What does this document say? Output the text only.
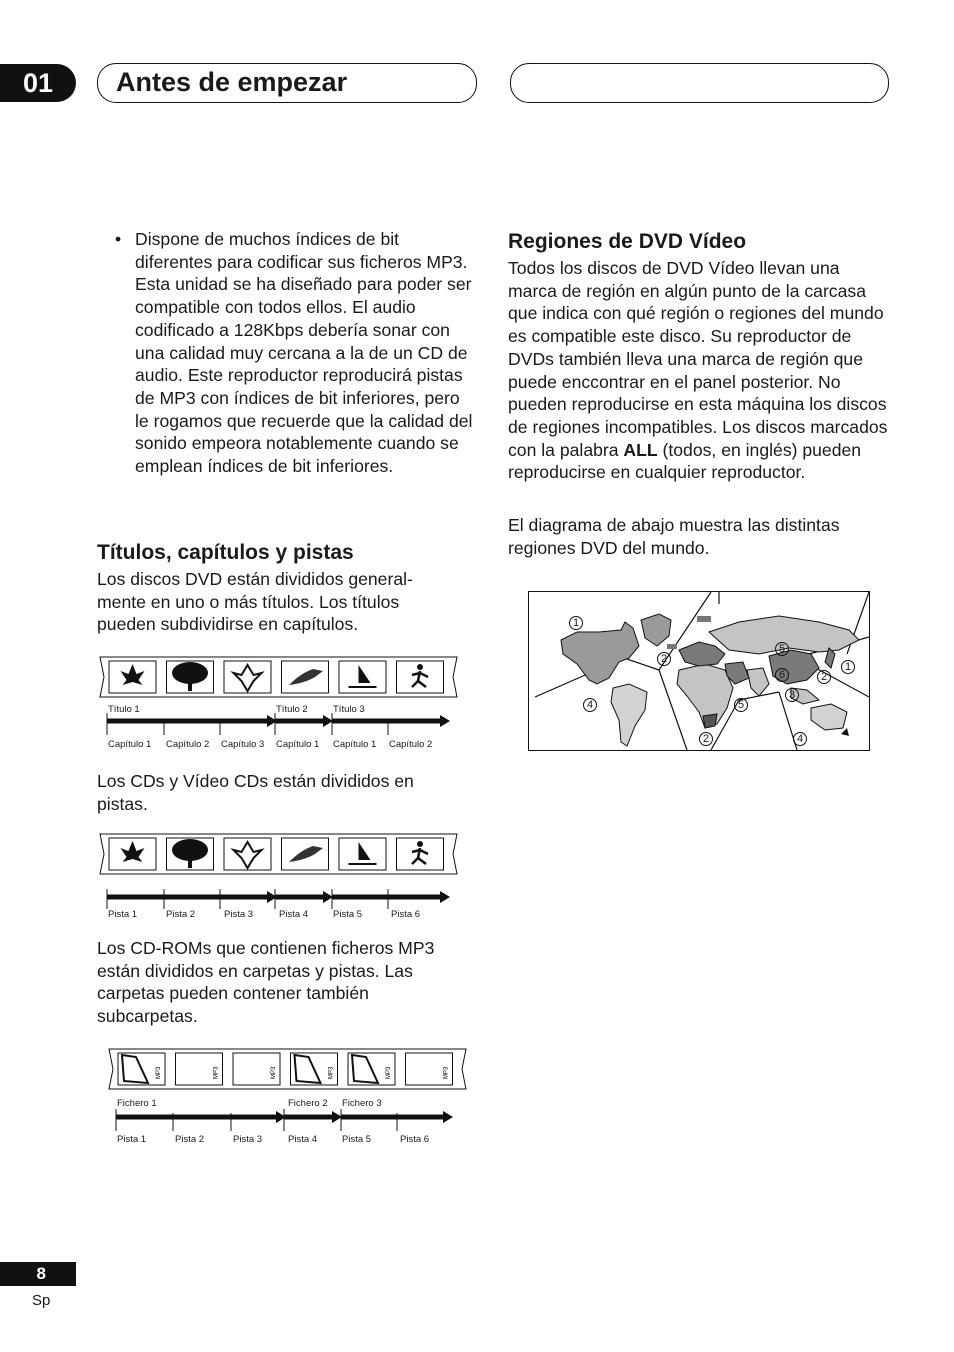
01	Antes de empezar
• Dispone de muchos índices de bit diferentes para codificar sus ficheros MP3. Esta unidad se ha diseñado para poder ser compatible con todos ellos. El audio codificado a 128Kbps debería sonar con una calidad muy cercana a la de un CD de audio. Este reproductor reproducirá pistas de MP3 con índices de bit inferiores, pero le rogamos que recuerde que la calidad del sonido empeora notablemente cuando se emplean índices de bit inferiores.

Títulos, capítulos y pistas

Los discos DVD están divididos general-mente en uno o más títulos. Los títulos pueden subdividirse en capítulos.

Título 1	Título 2	Título 3
Capítulo 1 Capítulo 2 Capítulo 3 Capítulo 1 Capítulo 1 Capítulo 2

Los CDs y Vídeo CDs están divididos en pistas.

Pista 1	Pista 2	Pista 3	Pista 4	Pista 5	Pista 6

Los CD-ROMs que contienen ficheros MP3 están divididos en carpetas y pistas. Las carpetas pueden contener también subcarpetas.

MP3	MP3	MP3	MP3	MP3	MP3
Fichero 1	Fichero 2 Fichero 3
Pista 1	Pista 2	Pista 3	Pista 4	Pista 5	Pista 6
Regiones de DVD Vídeo

Todos los discos de DVD Vídeo llevan una marca de región en algún punto de la carcasa que indica con qué región o regiones del mundo es compatible este disco. Su reproductor de DVDs también lleva una marca de región que puede enccontrar en el panel posterior. No pueden reproducirse en esta máquina los discos de regiones incompatibles. Los discos marcados con la palabra ALL (todos, en inglés) pueden reproducirse en cualquier reproductor.

El diagrama de abajo muestra las distintas regiones DVD del mundo.

1
2
2
4
5
5
6
3
2
1
4
8
Sp
